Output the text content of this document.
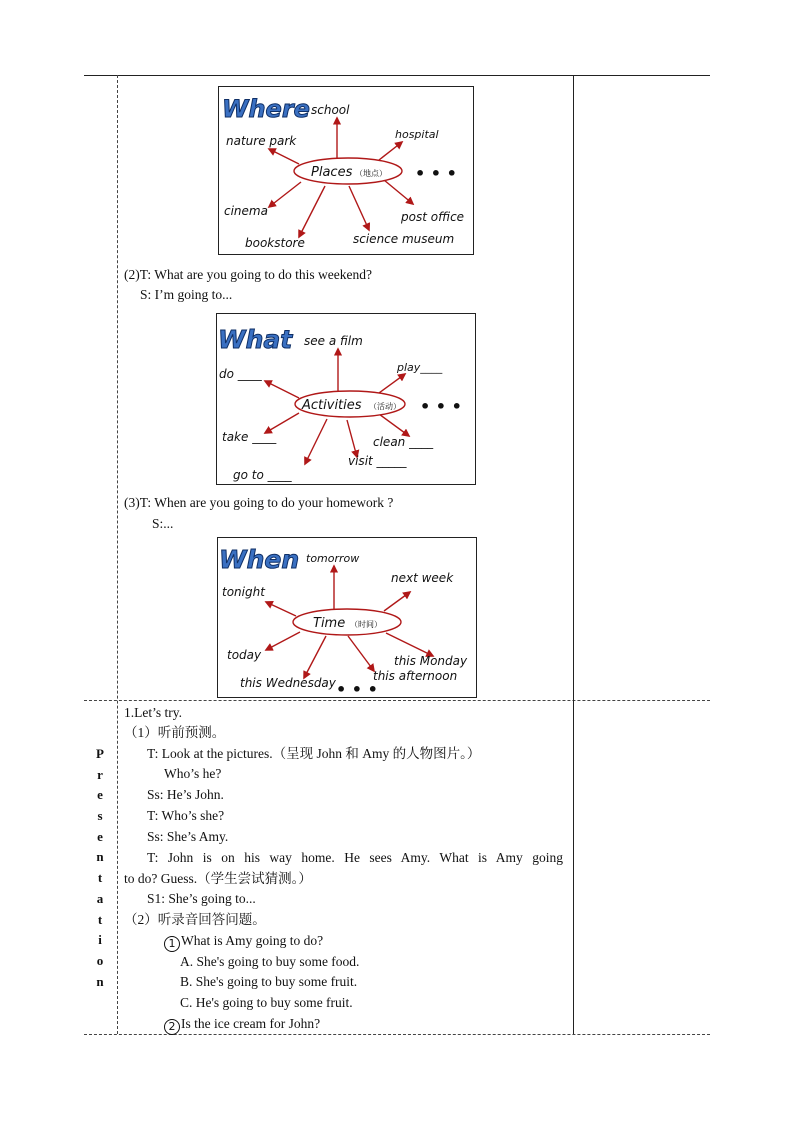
Where
Places （地点）
school
hospital
nature park
cinema
bookstore	science museum
post office
• • •
(2)T: What are you going to do this weekend?
S: I’m going to...
What
Activities （活动）
see a film
play____
do ____
take ____
go to ____
visit _____
clean ____
• • •
(3)T: When are you going to do your homework ?
S:...
When
Time （时间）
tomorrow
next week
tonight
today
this Wednesday	this afternoon
this Monday
• • •
P
r
e
s
e
n
t
a
t
i
o
n
1.Let’s try.
（1）听前预测。
T: Look at the pictures.（呈现 John 和 Amy 的人物图片。）
Who’s he?
Ss: He’s John.
T: Who’s she?
Ss: She’s Amy.
T: John is on his way home. He sees Amy. What is Amy going
to do? Guess.（学生尝试猜测。）
S1: She’s going to...
（2）听录音回答问题。
1 What is Amy going to do?
A. She's going to buy some food.
B. She's going to buy some fruit.
C. He's going to buy some fruit.
2 Is the ice cream for John?
